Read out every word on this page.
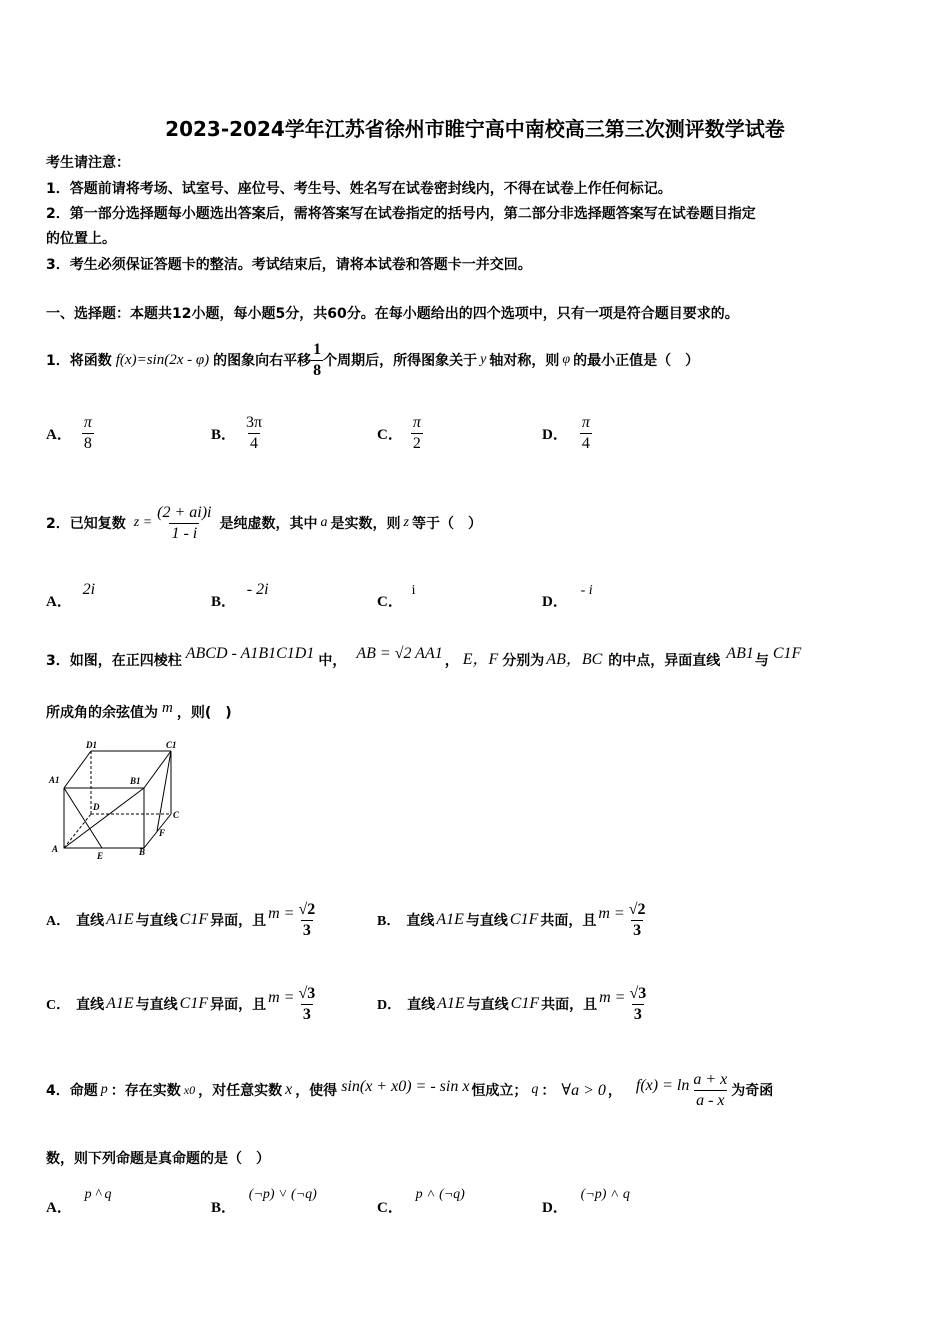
2023-2024学年江苏省徐州市睢宁高中南校高三第三次测评数学试卷
考生请注意：
1．答题前请将考场、试室号、座位号、考生号、姓名写在试卷密封线内，不得在试卷上作任何标记。
2．第一部分选择题每小题选出答案后，需将答案写在试卷指定的括号内，第二部分非选择题答案写在试卷题目指定
的位置上。
3．考生必须保证答题卡的整洁。考试结束后，请将本试卷和答题卡一并交回。
一、选择题：本题共12小题，每小题5分，共60分。在每小题给出的四个选项中，只有一项是符合题目要求的。
1．将函数 f(x)=sin(2x - φ) 的图象向右平移 $\frac{1}{8}$ 个周期后，所得图象关于 y 轴对称，则 φ 的最小正值是（　）
A． $\frac{\pi}{8}$	B． $\frac{3\pi}{4}$	C． $\frac{\pi}{2}$	D． $\frac{\pi}{4}$
2．已知复数 $z = \frac{(2 + ai)i}{1 - i}$ 是纯虚数，其中 a 是实数，则 z 等于（　）
A． 2i
B． - 2i
C． i
D． - i
3．如图，在正四棱柱 ABCD - A1B1C1D1 中， AB = √2 AA1 ， E，F 分别为 AB，BC 的中点，异面直线 AB1 与 C1F
所成角的余弦值为 m ，则(　)
D1	C1
A1	B1
D
C
F
A
E	B
A． 直线 A1E 与直线 C1F 异面，且 $m = \frac{√2}{3}$	B． 直线 A1E 与直线 C1F 共面，且 $m = \frac{√2}{3}$
C． 直线 A1E 与直线 C1F 异面，且 $m = \frac{√3}{3}$	D． 直线 A1E 与直线 C1F 共面，且 $m = \frac{√3}{3}$
4．命题 p ：存在实数 x0 ，对任意实数 x ，使得 sin(x + x0) = - sin x 恒成立； q ： ∀a > 0 ， $f(x) = \ln \frac{a + x}{a - x}$ 为奇函
数，则下列命题是真命题的是（　）
A． p ^ q
B． (¬p) ˅ (¬q)
C． p ˄ (¬q)
D． (¬p) ˄ q
